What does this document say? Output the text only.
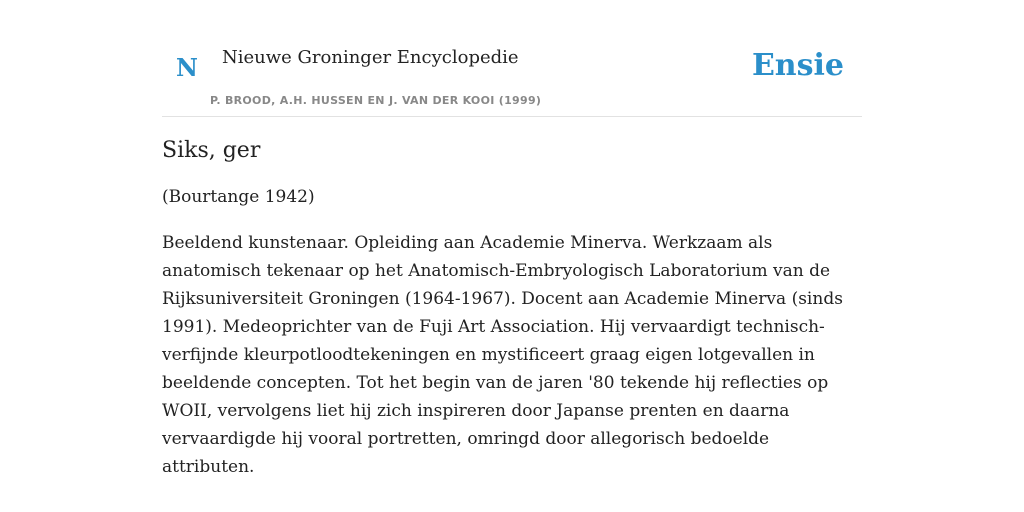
N Nieuwe Groninger Encyclopedie
P. BROOD, A.H. HUSSEN EN J. VAN DER KOOI (1999)
Ensie
Siks, ger

(Bourtange 1942)

Beeldend kunstenaar. Opleiding aan Academie Minerva. Werkzaam als anatomisch tekenaar op het Anatomisch-Embryologisch Laboratorium van de Rijksuniversiteit Groningen (1964-1967). Docent aan Academie Minerva (sinds 1991). Medeoprichter van de Fuji Art Association. Hij vervaardigt technisch-verfijnde kleurpotloodtekeningen en mystificeert graag eigen lotgevallen in beeldende concepten. Tot het begin van de jaren '80 tekende hij reflecties op WOII, vervolgens liet hij zich inspireren door Japanse prenten en daarna vervaardigde hij vooral portretten, omringd door allegorisch bedoelde attributen.
